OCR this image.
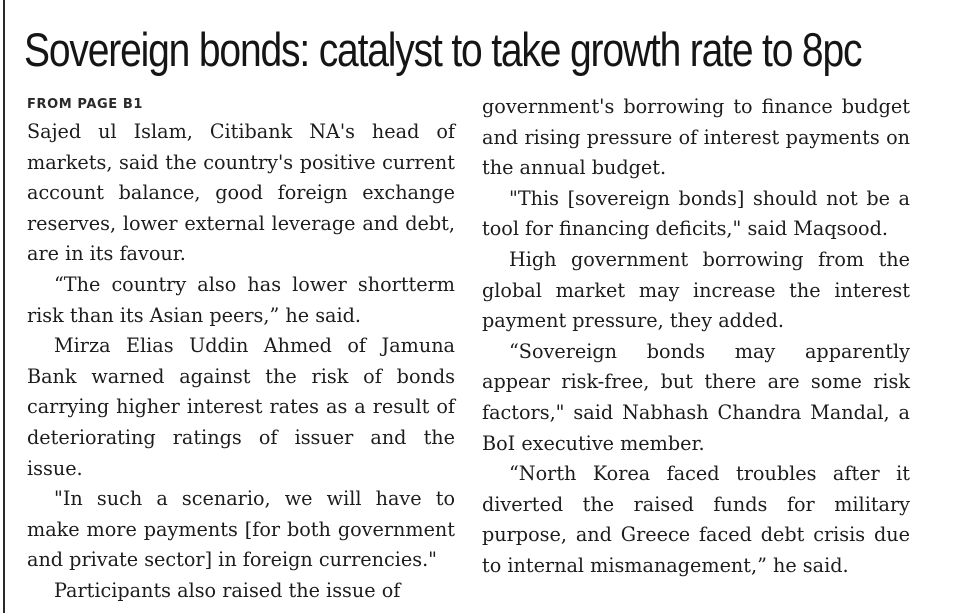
Sovereign bonds: catalyst to take growth rate to 8pc
FROM PAGE B1

Sajed ul Islam, Citibank NA's head of markets, said the country's positive current account balance, good foreign exchange reserves, lower external leverage and debt, are in its favour.

“The country also has lower shortterm risk than its Asian peers,” he said.

Mirza Elias Uddin Ahmed of Jamuna Bank warned against the risk of bonds carrying higher interest rates as a result of deteriorating ratings of issuer and the issue.

"In such a scenario, we will have to make more payments [for both government and private sector] in foreign currencies."

Participants also raised the issue of

government's borrowing to finance budget and rising pressure of interest payments on the annual budget.

"This [sovereign bonds] should not be a tool for financing deficits," said Maqsood.

High government borrowing from the global market may increase the interest payment pressure, they added.

“Sovereign bonds may apparently appear risk-free, but there are some risk factors," said Nabhash Chandra Mandal, a BoI executive member.

“North Korea faced troubles after it diverted the raised funds for military purpose, and Greece faced debt crisis due to internal mismanagement,” he said.
